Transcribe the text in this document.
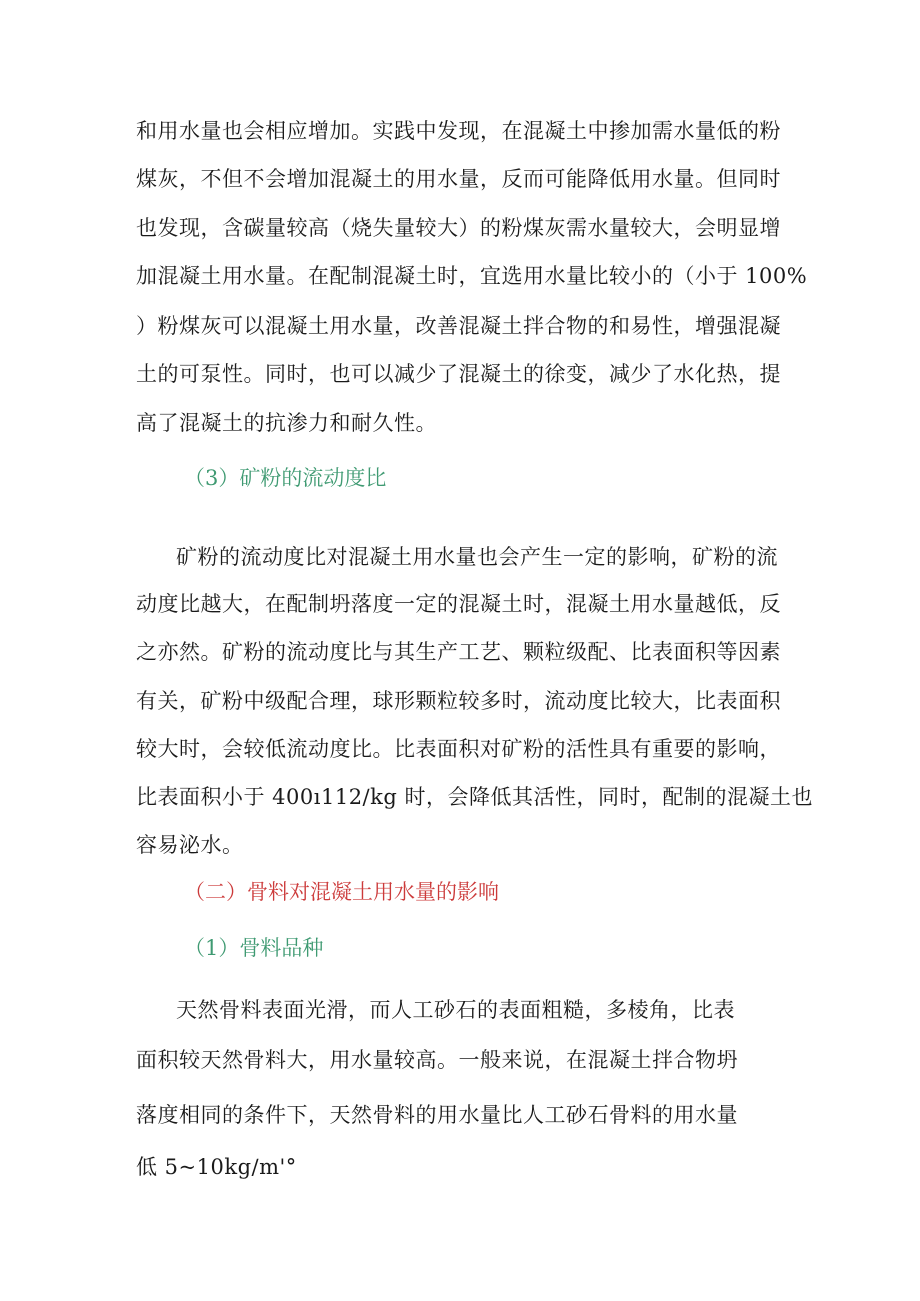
和用水量也会相应增加。实践中发现，在混凝土中掺加需水量低的粉
煤灰，不但不会增加混凝土的用水量，反而可能降低用水量。但同时
也发现，含碳量较高（烧失量较大）的粉煤灰需水量较大，会明显增
加混凝土用水量。在配制混凝土时，宜选用水量比较小的（小于 100%
）粉煤灰可以混凝土用水量，改善混凝土拌合物的和易性，增强混凝
土的可泵性。同时，也可以减少了混凝土的徐变，减少了水化热，提
高了混凝土的抗渗力和耐久性。
（3）矿粉的流动度比
矿粉的流动度比对混凝土用水量也会产生一定的影响，矿粉的流
动度比越大，在配制坍落度一定的混凝土时，混凝土用水量越低，反
之亦然。矿粉的流动度比与其生产工艺、颗粒级配、比表面积等因素
有关，矿粉中级配合理，球形颗粒较多时，流动度比较大，比表面积
较大时，会较低流动度比。比表面积对矿粉的活性具有重要的影响，
比表面积小于 400ı112∕kg 时，会降低其活性，同时，配制的混凝土也
容易泌水。
（二）骨料对混凝土用水量的影响
（1）骨料品种
天然骨料表面光滑，而人工砂石的表面粗糙，多棱角，比表
面积较天然骨料大，用水量较高。一般来说，在混凝土拌合物坍
落度相同的条件下，天然骨料的用水量比人工砂石骨料的用水量
低 5~10kg∕m'°
